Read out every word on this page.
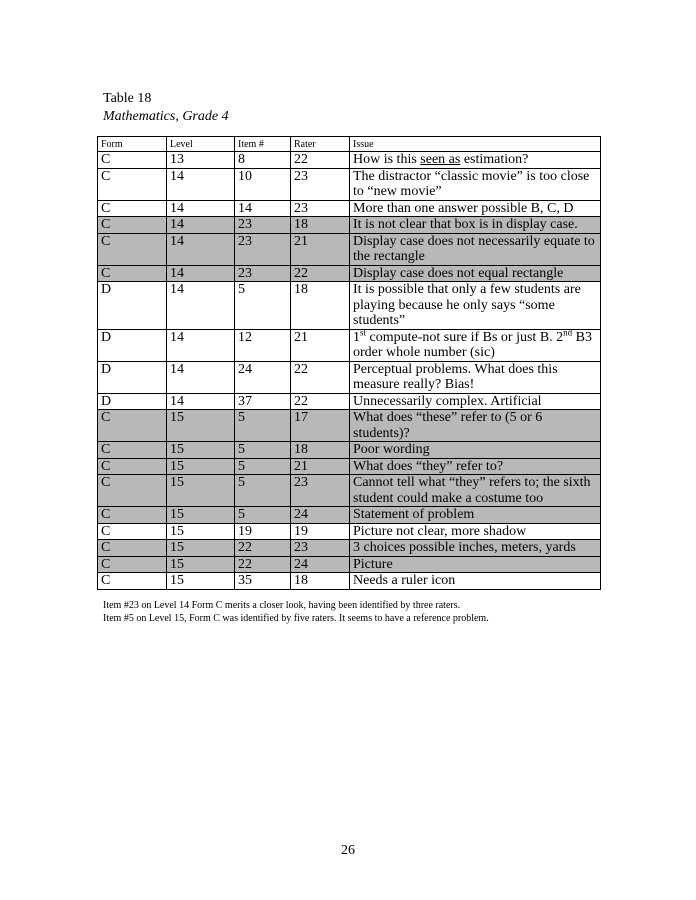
Table 18
Mathematics, Grade 4
Form	Level	Item #	Rater	Issue
C	13	8	22	How is this seen as estimation?
C	14	10	23	The distractor “classic movie” is too close to “new movie”
C	14	14	23	More than one answer possible B, C, D
C	14	23	18	It is not clear that box is in display case.
C	14	23	21	Display case does not necessarily equate to the rectangle
C	14	23	22	Display case does not equal rectangle
D	14	5	18	It is possible that only a few students are playing because he only says “some students”
D	14	12	21	1st compute-not sure if Bs or just B. 2nd B3 order whole number (sic)
D	14	24	22	Perceptual problems. What does this measure really? Bias!
D	14	37	22	Unnecessarily complex. Artificial
C	15	5	17	What does “these” refer to (5 or 6 students)?
C	15	5	18	Poor wording
C	15	5	21	What does “they” refer to?
C	15	5	23	Cannot tell what “they” refers to; the sixth student could make a costume too
C	15	5	24	Statement of problem
C	15	19	19	Picture not clear, more shadow
C	15	22	23	3 choices possible inches, meters, yards
C	15	22	24	Picture
C	15	35	18	Needs a ruler icon
Item #23 on Level 14 Form C merits a closer look, having been identified by three raters.
Item #5 on Level 15, Form C was identified by five raters. It seems to have a reference problem.
26
